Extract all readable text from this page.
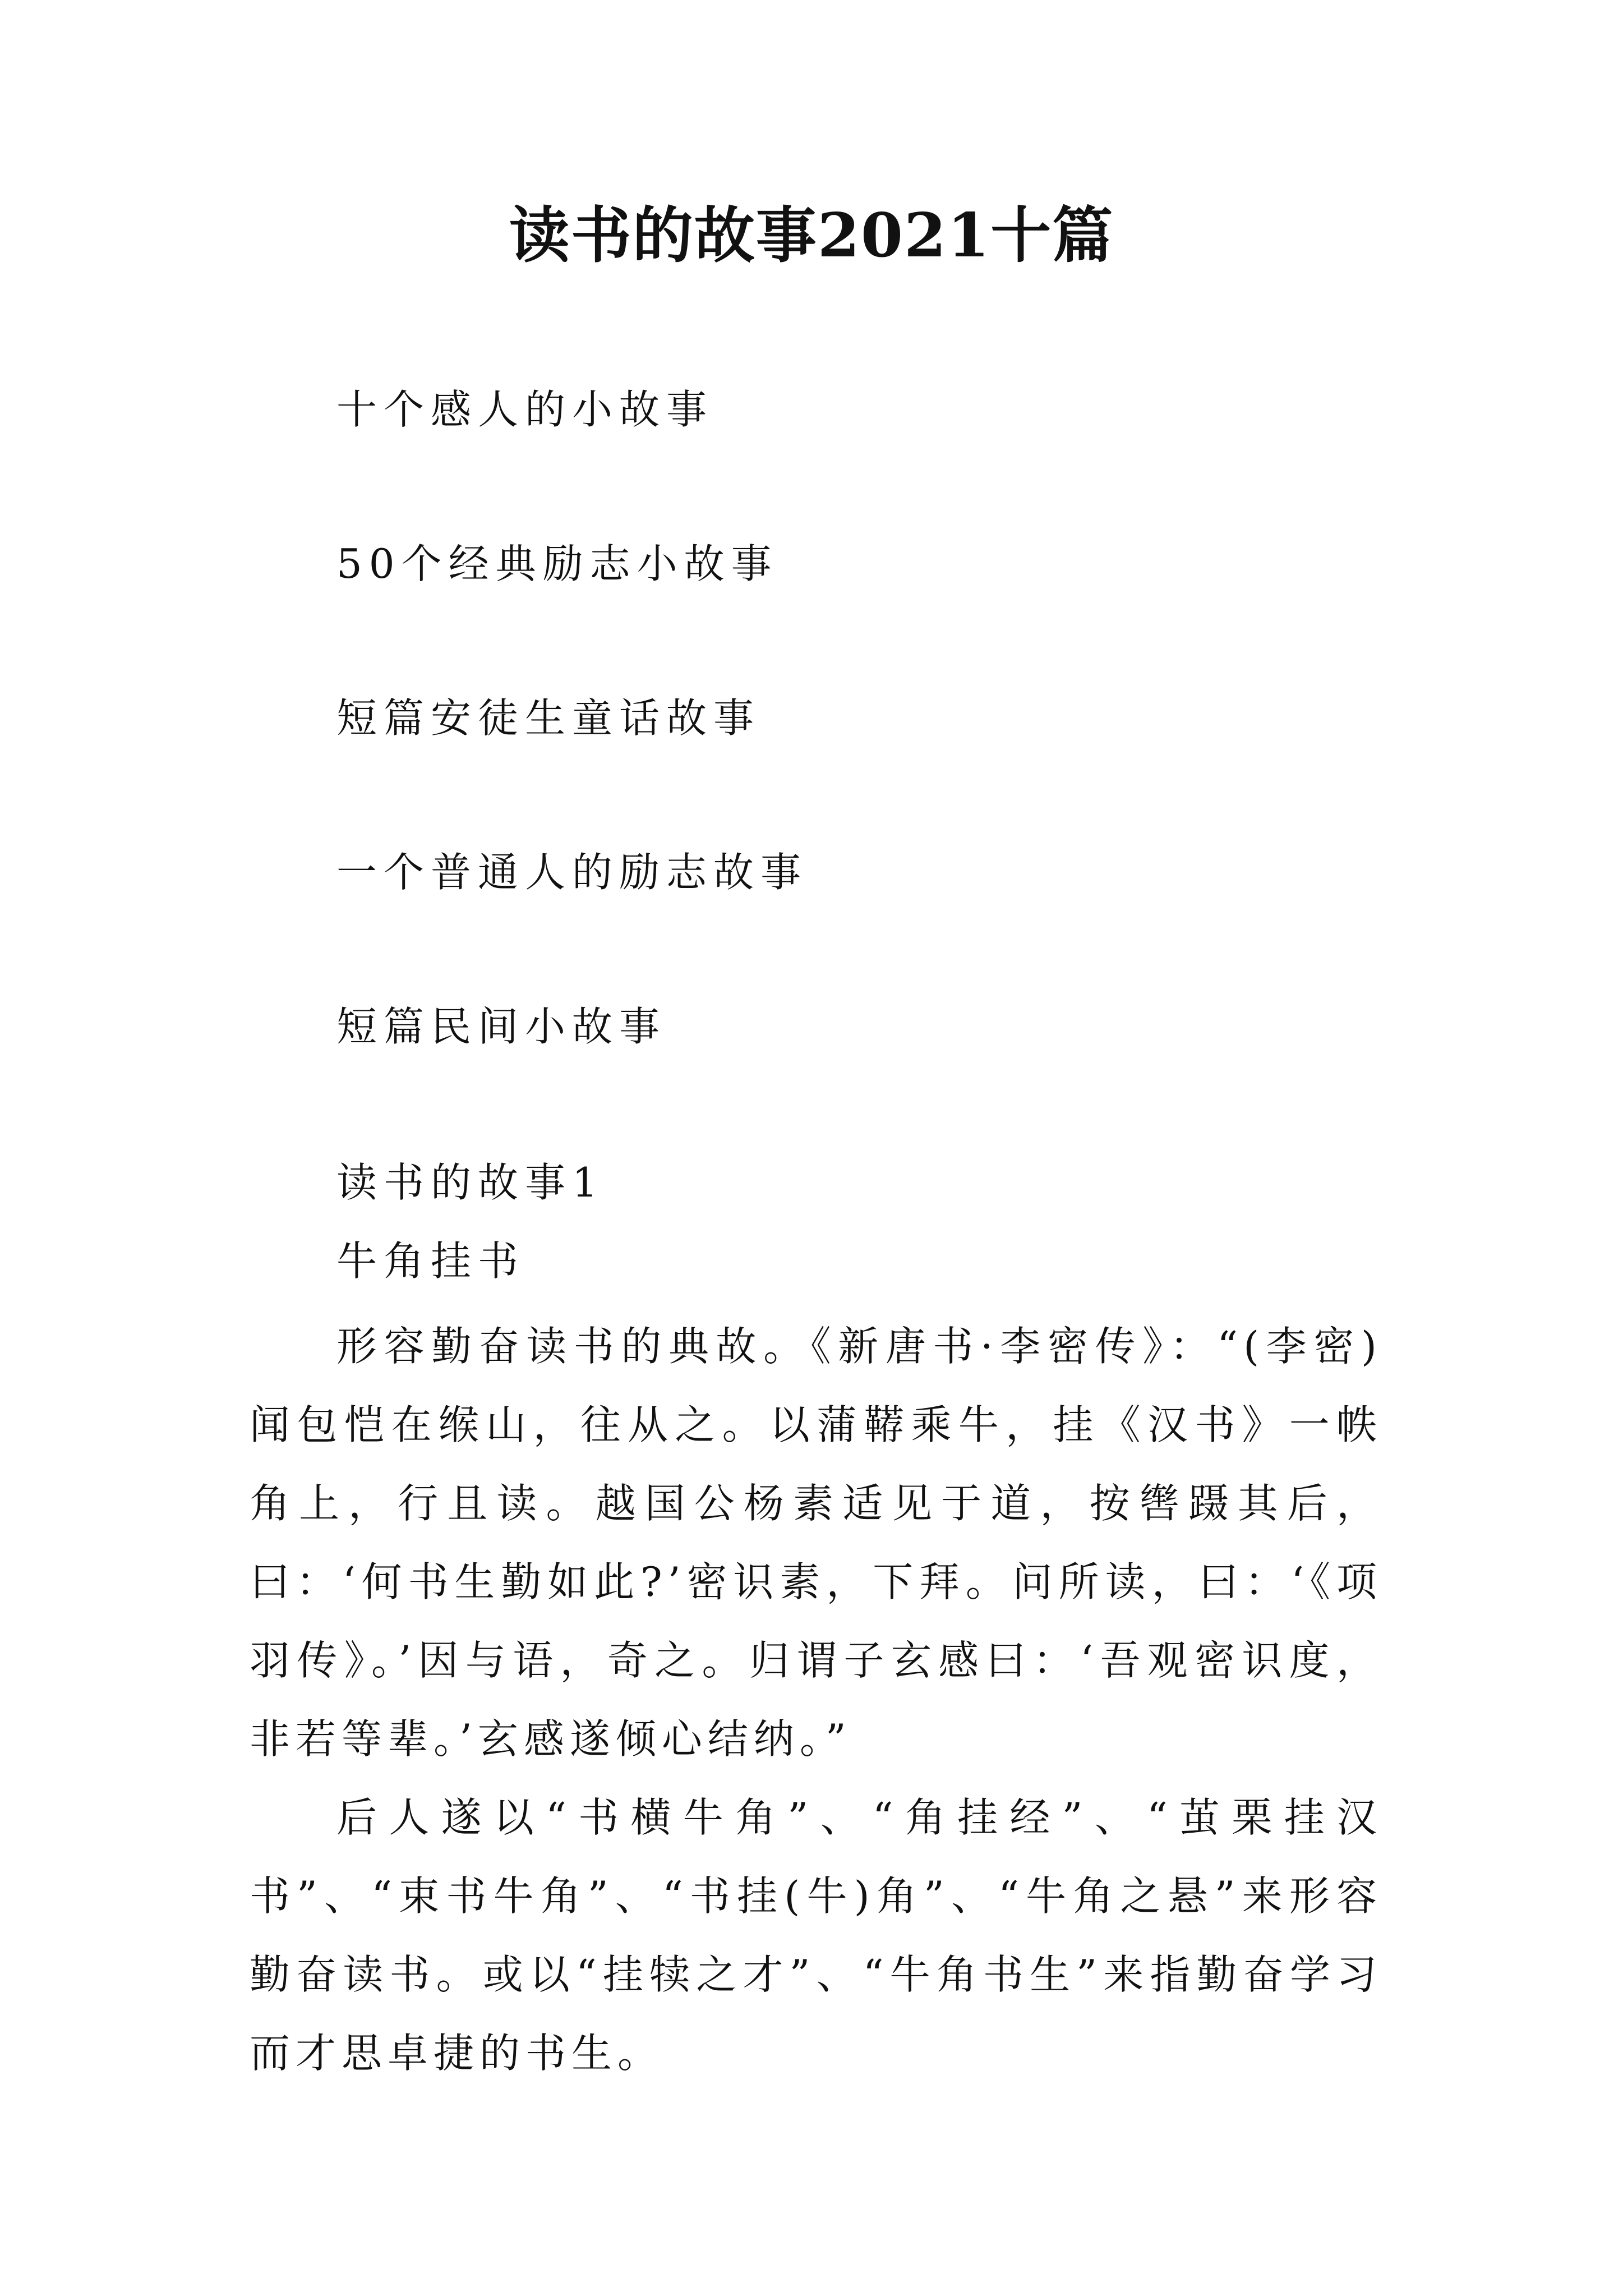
读书的故事2021十篇
十个感人的小故事
50个经典励志小故事
短篇安徒生童话故事
一个普通人的励志故事
短篇民间小故事
读书的故事1
牛角挂书

形容勤奋读书的典故。《新唐书·李密传》：“(李密)闻包恺在缑山，往从之。以蒲鞯乘牛，挂《汉书》一帙角上，行且读。越国公杨素适见于道，按辔蹑其后，曰：‘何书生勤如此?’密识素，下拜。问所读，曰：‘《项羽传》。’因与语，奇之。归谓子玄感曰：‘吾观密识度，非若等辈。’玄感遂倾心结纳。”

后人遂以“书横牛角”、“角挂经”、“茧栗挂汉书”、“束书牛角”、“书挂(牛)角”、“牛角之悬”来形容勤奋读书。或以“挂犊之才”、“牛角书生”来指勤奋学习而才思卓捷的书生。
